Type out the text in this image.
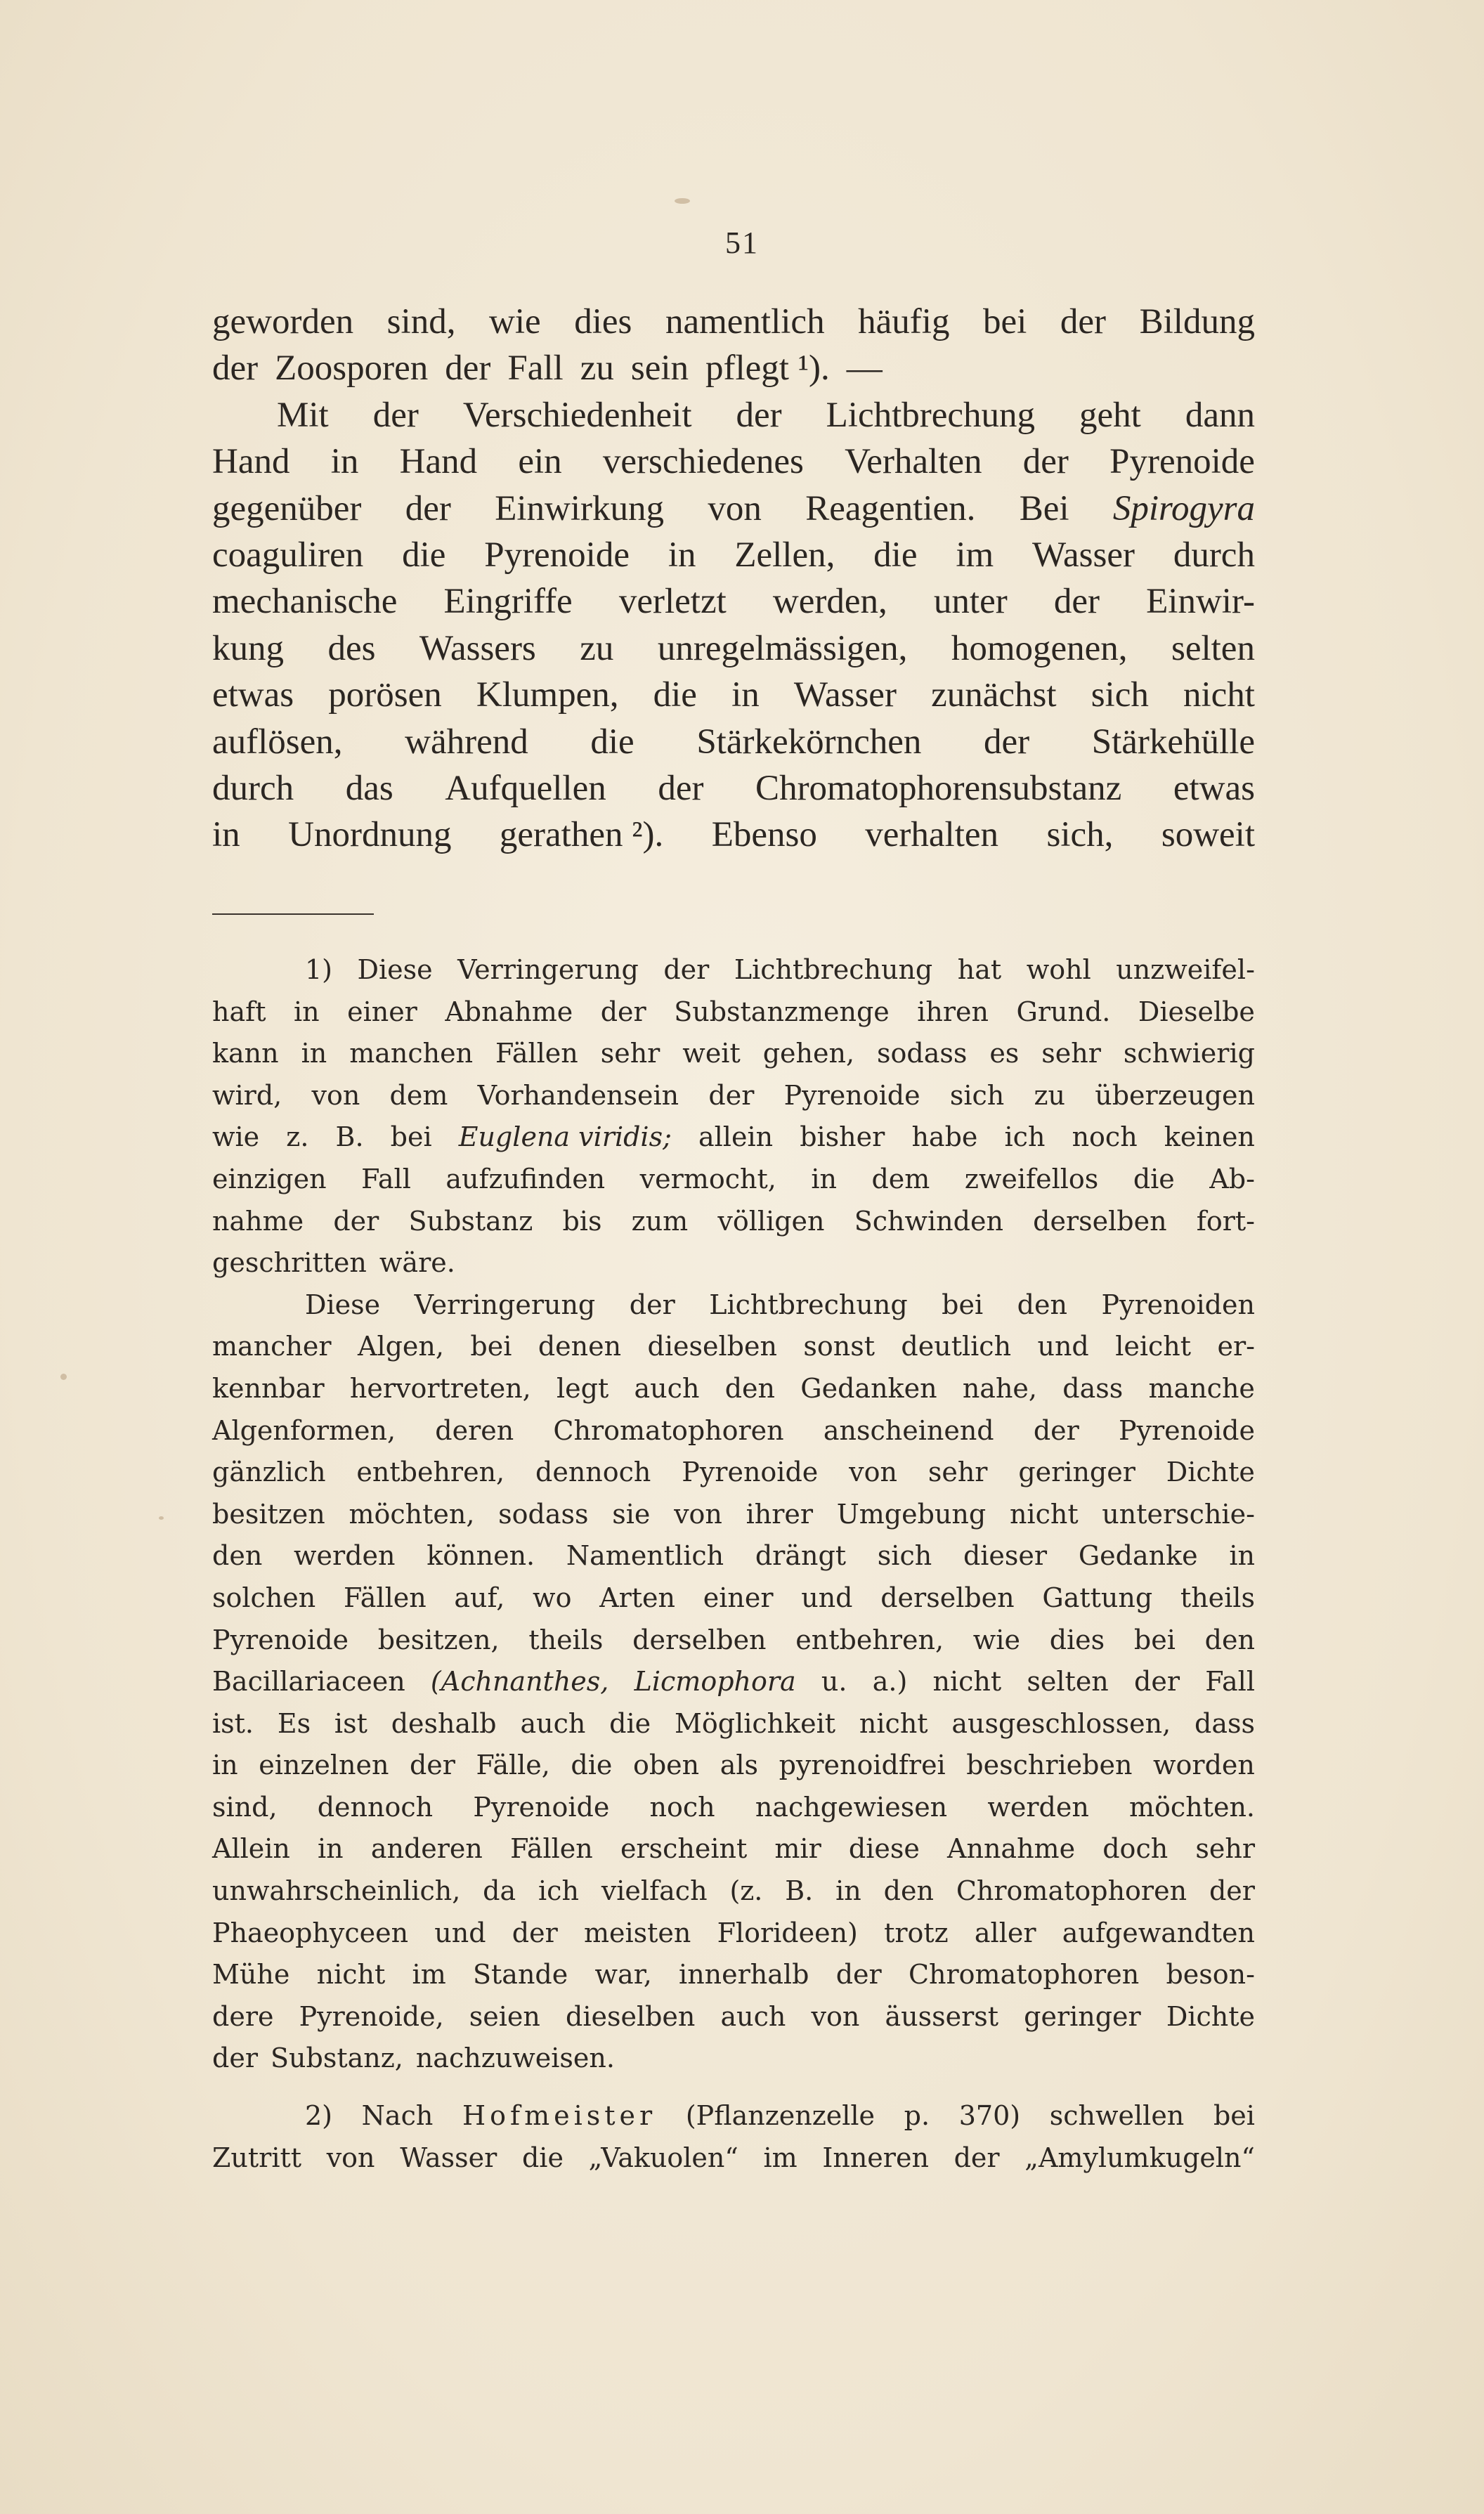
51
geworden sind, wie dies namentlich häufig bei der Bildung
der Zoosporen der Fall zu sein pflegt ¹). —
Mit der Verschiedenheit der Lichtbrechung geht dann
Hand in Hand ein verschiedenes Verhalten der Pyrenoide
gegenüber der Einwirkung von Reagentien. Bei Spirogyra
coaguliren die Pyrenoide in Zellen, die im Wasser durch
mechanische Eingriffe verletzt werden, unter der Einwir-
kung des Wassers zu unregelmässigen, homogenen, selten
etwas porösen Klumpen, die in Wasser zunächst sich nicht
auflösen, während die Stärkekörnchen der Stärkehülle
durch das Aufquellen der Chromatophorensubstanz etwas
in Unordnung gerathen ²). Ebenso verhalten sich, soweit
1) Diese Verringerung der Lichtbrechung hat wohl unzweifel-
haft in einer Abnahme der Substanzmenge ihren Grund. Dieselbe
kann in manchen Fällen sehr weit gehen, sodass es sehr schwierig
wird, von dem Vorhandensein der Pyrenoide sich zu überzeugen
wie z. B. bei Euglena viridis; allein bisher habe ich noch keinen
einzigen Fall aufzufinden vermocht, in dem zweifellos die Ab-
nahme der Substanz bis zum völligen Schwinden derselben fort-
geschritten wäre.
Diese Verringerung der Lichtbrechung bei den Pyrenoiden
mancher Algen, bei denen dieselben sonst deutlich und leicht er-
kennbar hervortreten, legt auch den Gedanken nahe, dass manche
Algenformen, deren Chromatophoren anscheinend der Pyrenoide
gänzlich entbehren, dennoch Pyrenoide von sehr geringer Dichte
besitzen möchten, sodass sie von ihrer Umgebung nicht unterschie-
den werden können. Namentlich drängt sich dieser Gedanke in
solchen Fällen auf, wo Arten einer und derselben Gattung theils
Pyrenoide besitzen, theils derselben entbehren, wie dies bei den
Bacillariaceen (Achnanthes, Licmophora u. a.) nicht selten der Fall
ist. Es ist deshalb auch die Möglichkeit nicht ausgeschlossen, dass
in einzelnen der Fälle, die oben als pyrenoidfrei beschrieben worden
sind, dennoch Pyrenoide noch nachgewiesen werden möchten.
Allein in anderen Fällen erscheint mir diese Annahme doch sehr
unwahrscheinlich, da ich vielfach (z. B. in den Chromatophoren der
Phaeophyceen und der meisten Florideen) trotz aller aufgewandten
Mühe nicht im Stande war, innerhalb der Chromatophoren beson-
dere Pyrenoide, seien dieselben auch von äusserst geringer Dichte
der Substanz, nachzuweisen.
2) Nach Hofmeister (Pflanzenzelle p. 370) schwellen bei
Zutritt von Wasser die „Vakuolen“ im Inneren der „Amylumkugeln“
